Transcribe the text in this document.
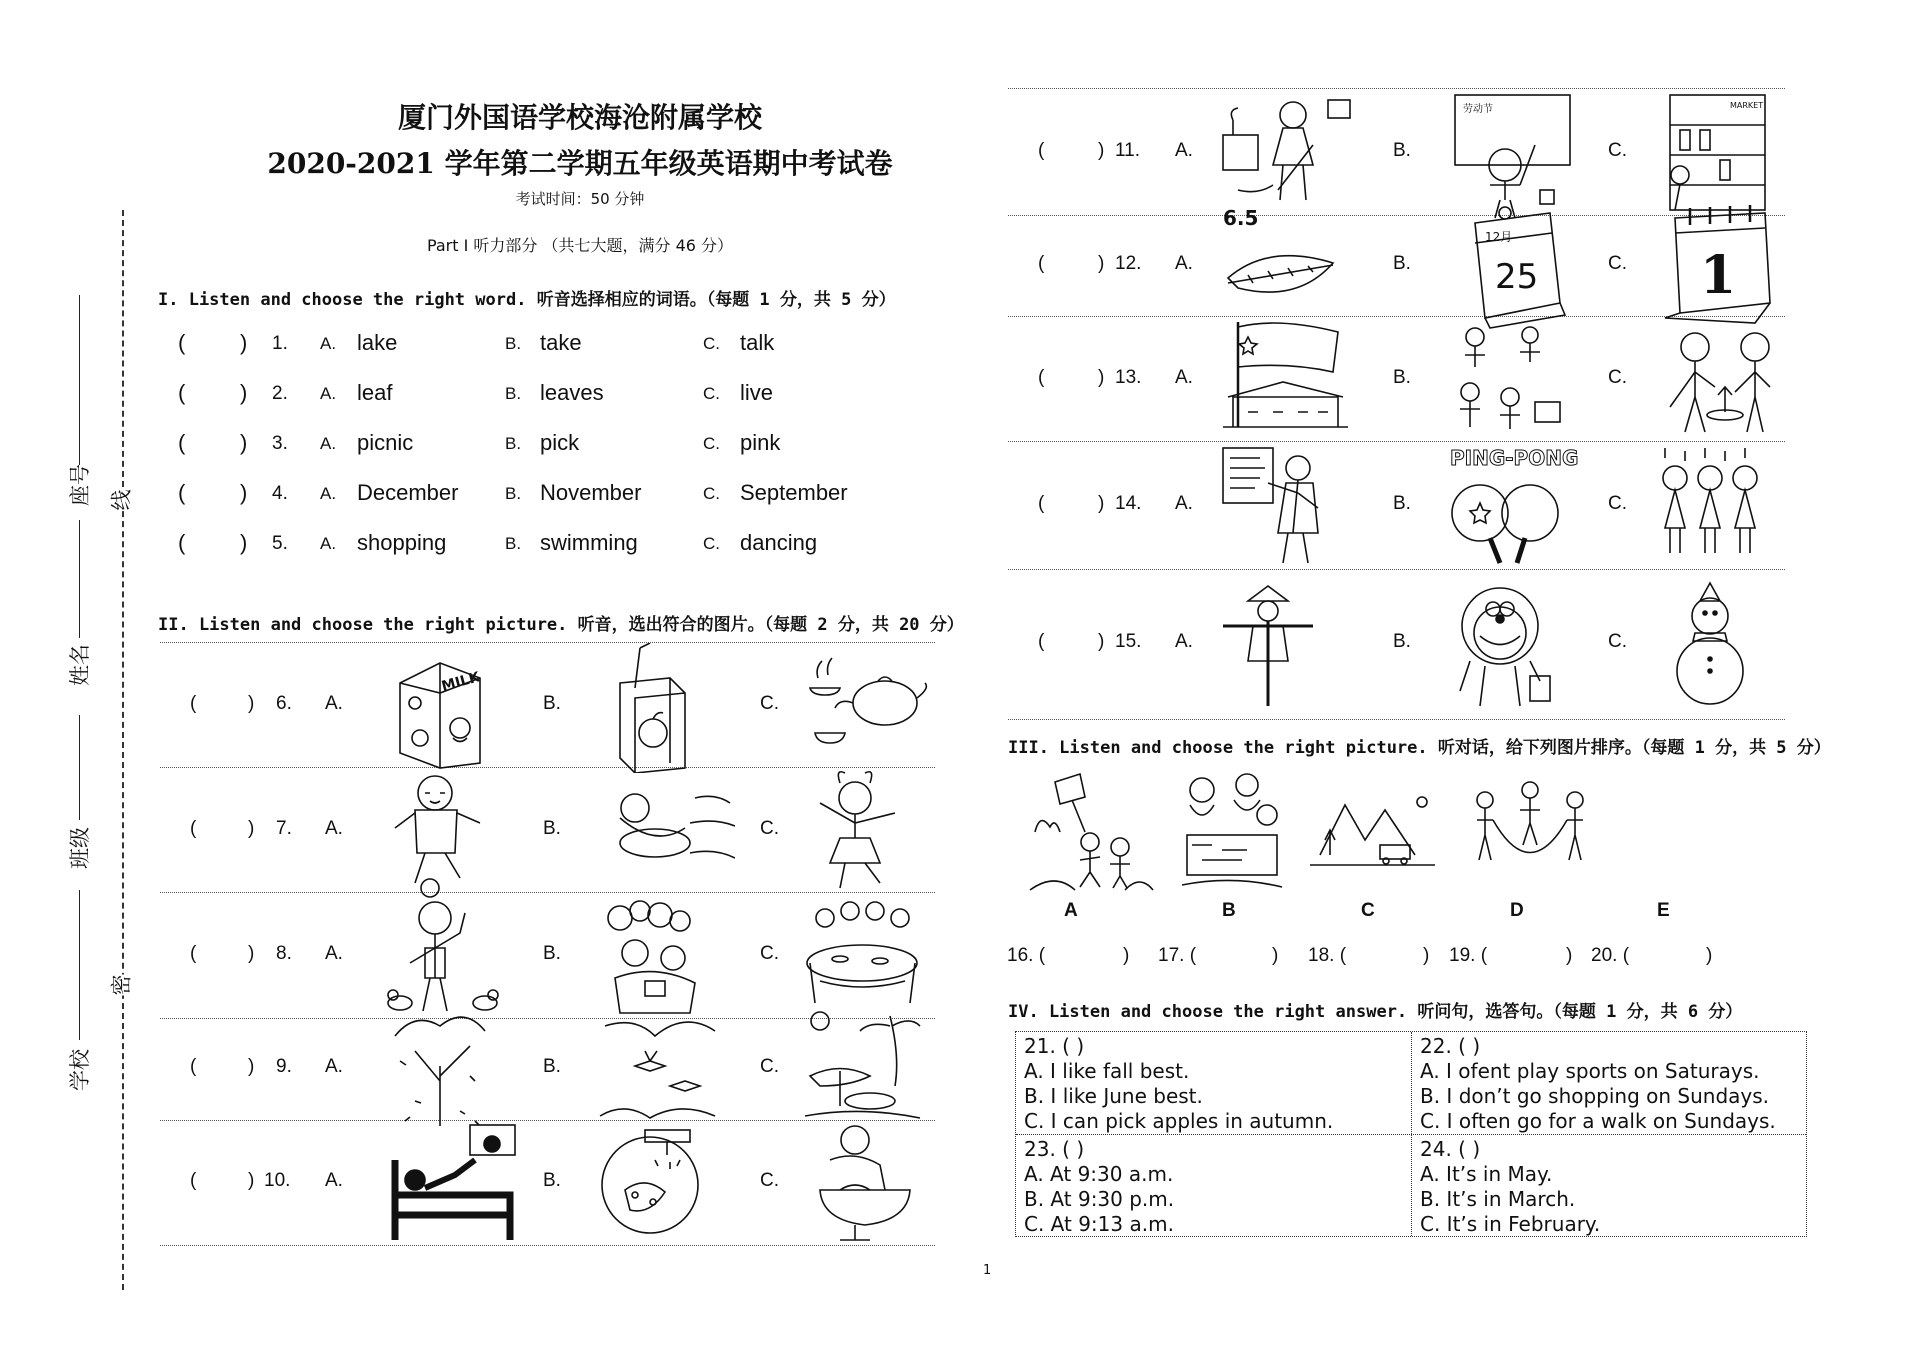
座号
姓名
班级
学校
线
密
厦门外国语学校海沧附属学校
2020-2021 学年第二学期五年级英语期中考试卷
考试时间：50 分钟
Part I 听力部分 （共七大题，满分 46 分）
I. Listen and choose the right word. 听音选择相应的词语。（每题 1 分，共 5 分）
( ) 1. A. lake	B. take	C. talk
( ) 2. A. leaf	B. leaves	C. live
( ) 3. A. picnic	B. pick	C. pink
( ) 4. A. December	B. November	C. September
( ) 5. A. shopping	B. swimming	C. dancing
II. Listen and choose the right picture. 听音，选出符合的图片。（每题 2 分，共 20 分）
(	) 6. A.	B.	C.
MILK
(	) 7. A.	B.	C.
(	) 8. A.	B.	C.
(	) 9. A.	B.	C.
(	) 10. A.	B.	C.
(	) 11. A.	B.	C.
劳动节	MARKET
(	) 12. A.	B.	C.
6.5
12月
25	1
(	) 13. A.	B.	C.
(	) 14. A.	B.	C.
PING-PONG
(	) 15. A.	B.	C.
III. Listen and choose the right picture. 听对话，给下列图片排序。（每题 1 分，共 5 分）
A	B	C	D	E
16. (	) 17. (	) 18. (	) 19. (	) 20. (	)
IV. Listen and choose the right answer. 听问句，选答句。（每题 1 分，共 6 分）
21. ( )
A. I like fall best.
B. I like June best.
C. I can pick apples in autumn.
22. ( )
A. I ofent play sports on Saturays.
B. I don’t go shopping on Sundays.
C. I often go for a walk on Sundays.
23. ( )
A. At 9:30 a.m.
B. At 9:30 p.m.
C. At 9:13 a.m.
24. ( )
A. It’s in May.
B. It’s in March.
C. It’s in February.
1
